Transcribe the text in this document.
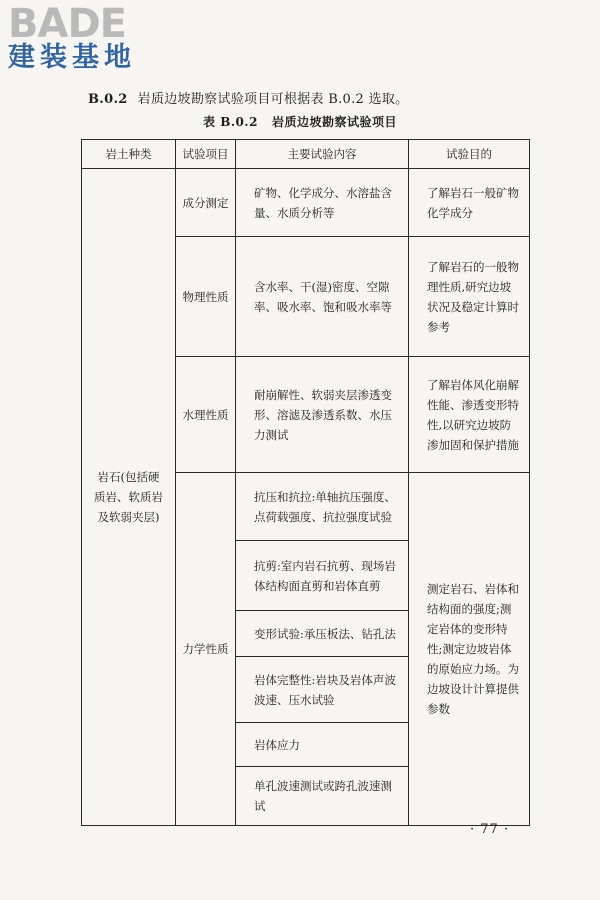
BADE
建装基地
B.0.2 岩质边坡勘察试验项目可根据表 B.0.2 选取。
表 B.0.2 岩质边坡勘察试验项目
岩土种类	试验项目	主要试验内容	试验目的
岩石(包括硬质岩、软质岩及软弱夹层)	成分测定	矿物、化学成分、水溶盐含量、水质分析等	了解岩石一般矿物化学成分
	物理性质	含水率、干(湿)密度、空隙率、吸水率、饱和吸水率等	了解岩石的一般物理性质,研究边坡状况及稳定计算时参考
	水理性质	耐崩解性、软弱夹层渗透变形、溶滤及渗透系数、水压力测试	了解岩体风化崩解性能、渗透变形特性,以研究边坡防渗加固和保护措施
	力学性质	抗压和抗拉:单轴抗压强度、点荷载强度、抗拉强度试验	测定岩石、岩体和结构面的强度;测定岩体的变形特性;测定边坡岩体的原始应力场。为边坡设计计算提供参数
		抗剪:室内岩石抗剪、现场岩体结构面直剪和岩体直剪	
		变形试验:承压板法、钻孔法	
		岩体完整性:岩块及岩体声波波速、压水试验	
		岩体应力	
		单孔波速测试或跨孔波速测试	
· 77 ·
